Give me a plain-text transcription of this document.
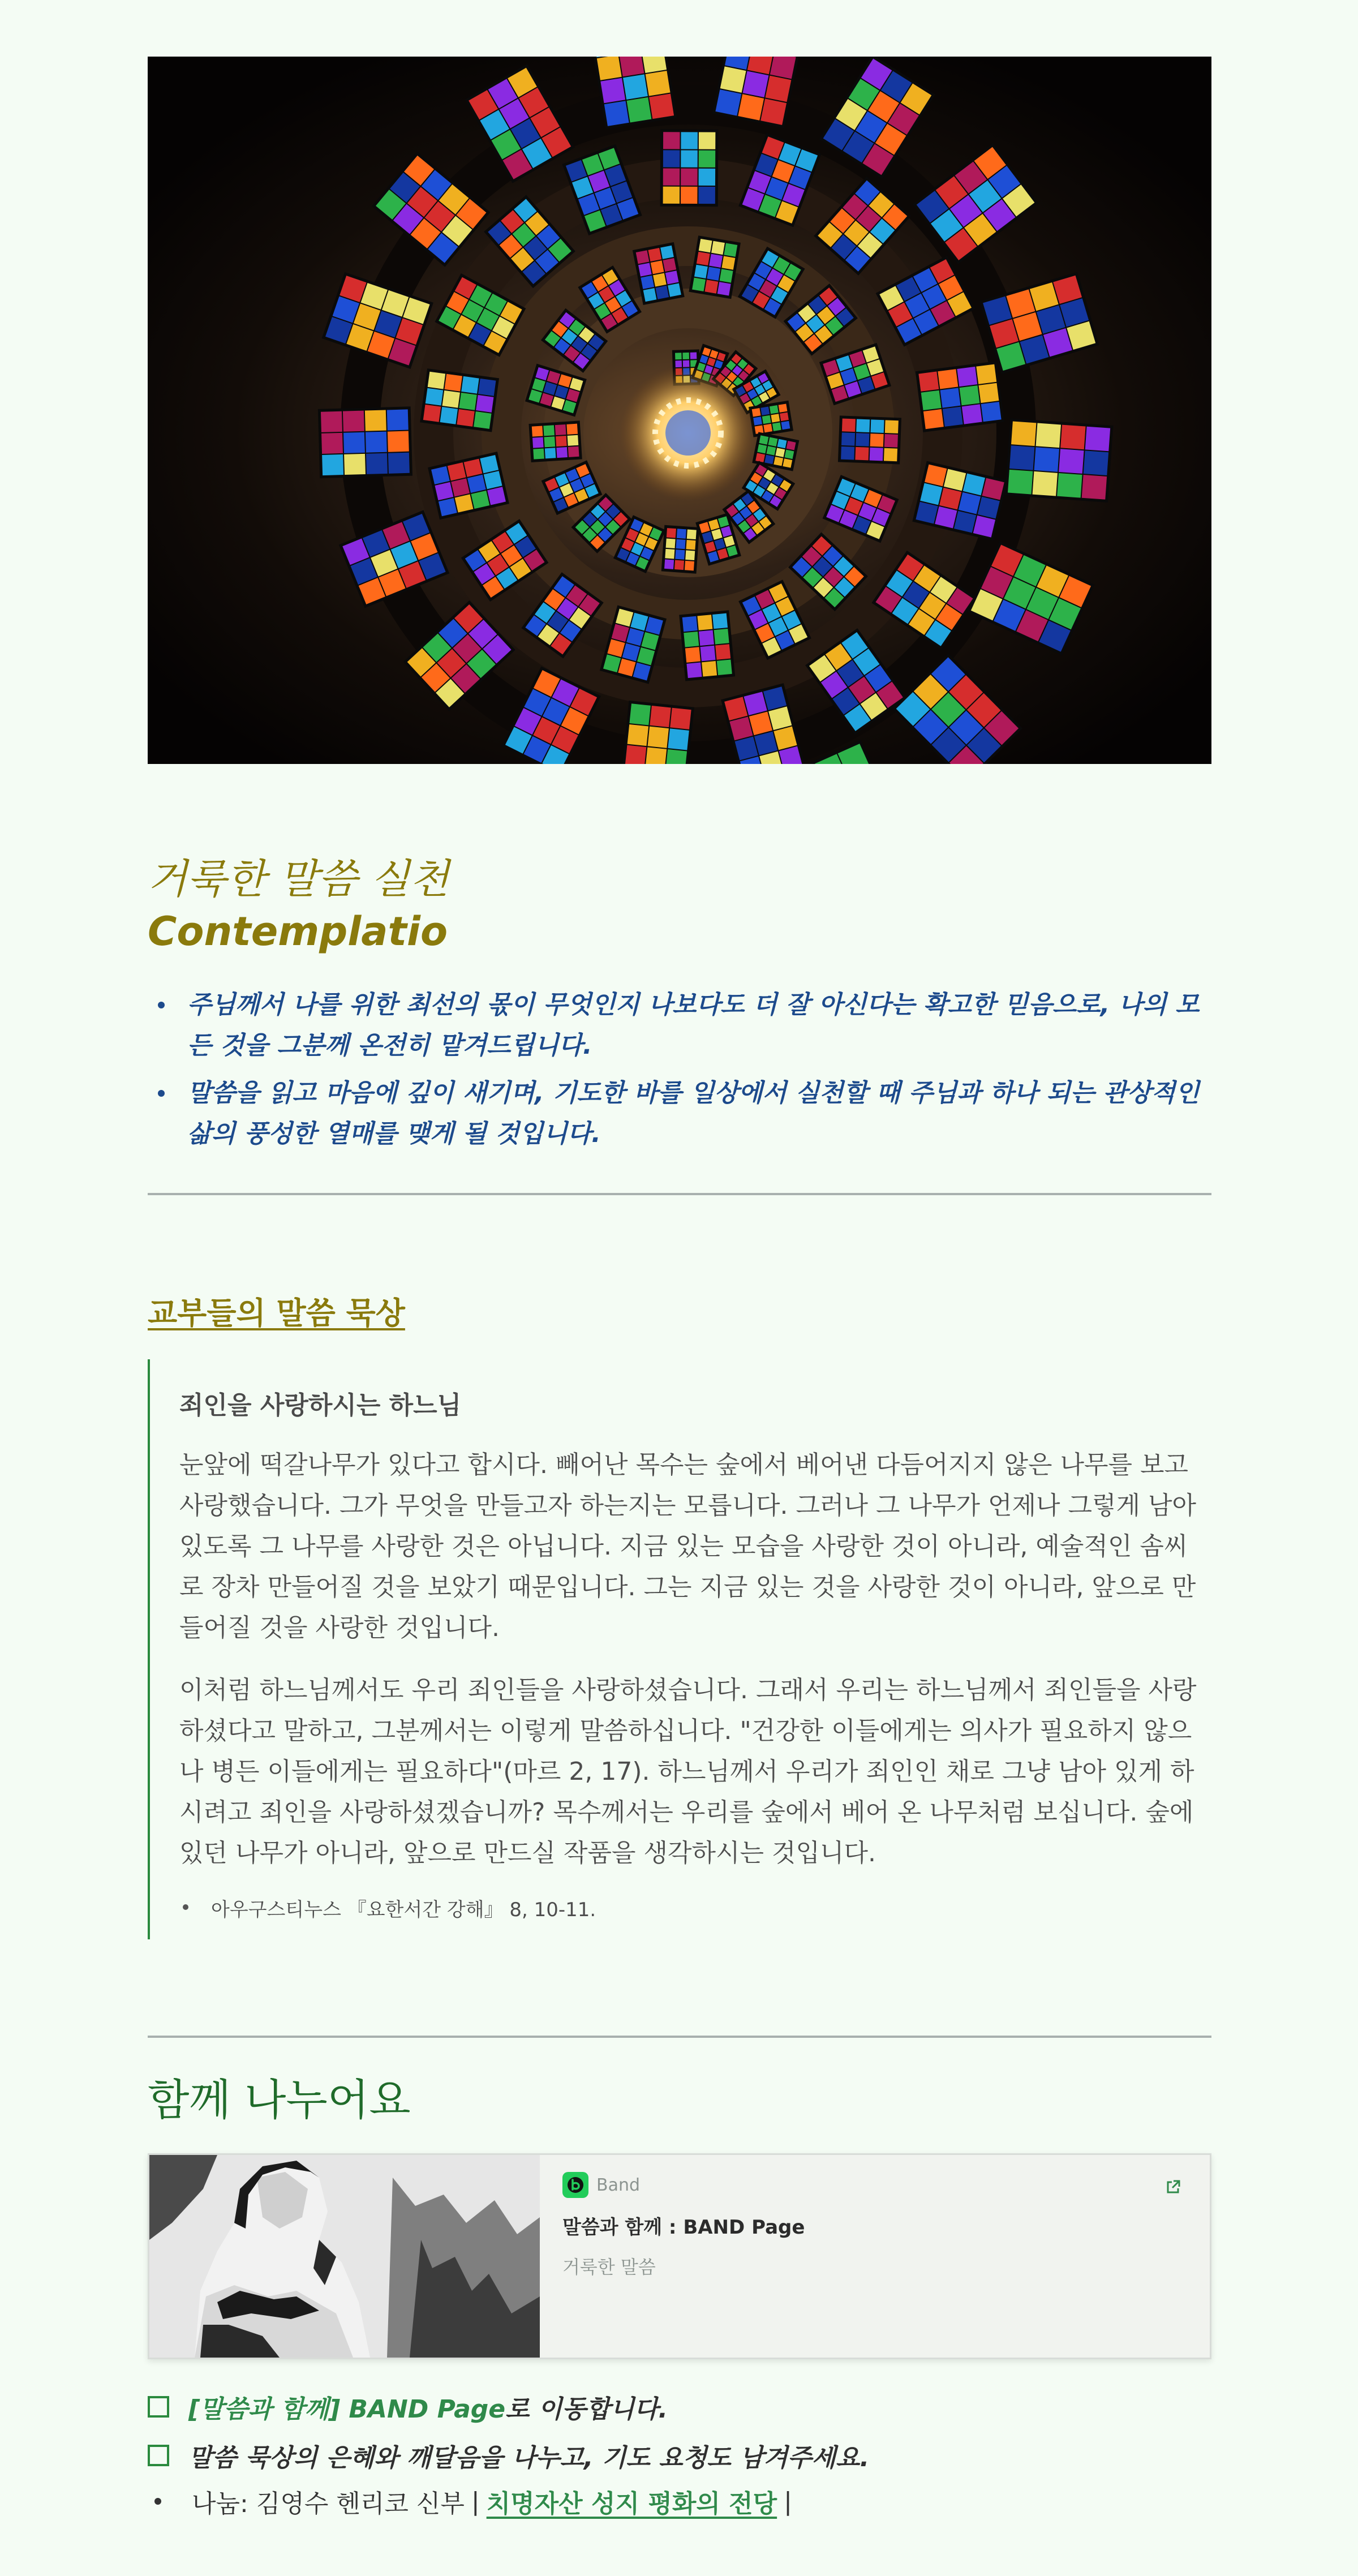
거룩한 말씀 실천
Contemplatio
주님께서 나를 위한 최선의 몫이 무엇인지 나보다도 더 잘 아신다는 확고한 믿음으로, 나의 모든 것을 그분께 온전히 맡겨드립니다.
말씀을 읽고 마음에 깊이 새기며, 기도한 바를 일상에서 실천할 때 주님과 하나 되는 관상적인 삶의 풍성한 열매를 맺게 될 것입니다.
교부들의 말씀 묵상
죄인을 사랑하시는 하느님

눈앞에 떡갈나무가 있다고 합시다. 빼어난 목수는 숲에서 베어낸 다듬어지지 않은 나무를 보고 사랑했습니다. 그가 무엇을 만들고자 하는지는 모릅니다. 그러나 그 나무가 언제나 그렇게 남아 있도록 그 나무를 사랑한 것은 아닙니다. 지금 있는 모습을 사랑한 것이 아니라, 예술적인 솜씨로 장차 만들어질 것을 보았기 때문입니다. 그는 지금 있는 것을 사랑한 것이 아니라, 앞으로 만들어질 것을 사랑한 것입니다.

이처럼 하느님께서도 우리 죄인들을 사랑하셨습니다. 그래서 우리는 하느님께서 죄인들을 사랑하셨다고 말하고, 그분께서는 이렇게 말씀하십니다. "건강한 이들에게는 의사가 필요하지 않으나 병든 이들에게는 필요하다"(마르 2, 17). 하느님께서 우리가 죄인인 채로 그냥 남아 있게 하시려고 죄인을 사랑하셨겠습니까? 목수께서는 우리를 숲에서 베어 온 나무처럼 보십니다. 숲에 있던 나무가 아니라, 앞으로 만드실 작품을 생각하시는 것입니다.

아우구스티누스 『요한서간 강해』 8, 10-11.
함께 나누어요
Band
말씀과 함께 : BAND Page
거룩한 말씀
[말씀과 함께] BAND Page 로 이동합니다.
말씀 묵상의 은혜와 깨달음을 나누고, 기도 요청도 남겨주세요.
나눔: 김영수 헨리코 신부 | 치명자산 성지 평화의 전당 |
